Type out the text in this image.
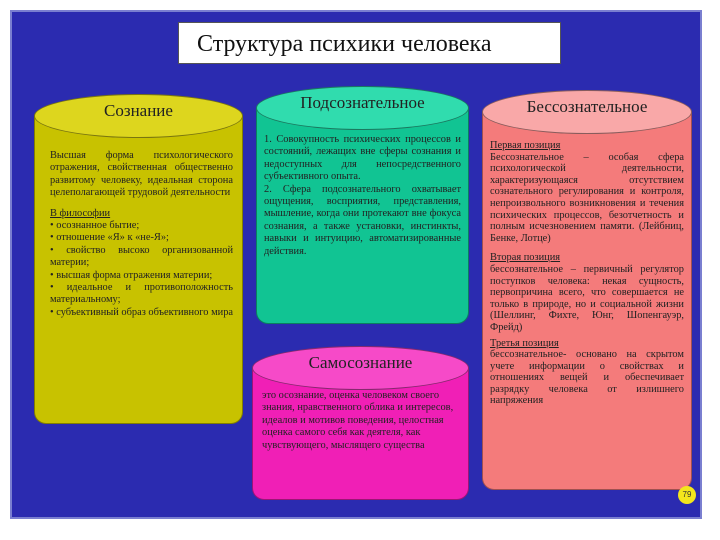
Структура психики человека
Сознание

Высшая форма психологического отражения, свойственная общественно развитому человеку, идеальная сторона целеполагающей трудовой деятельности

В философии

• осознанное бытие;

• отношение «Я» к «не-Я»;

• свойство высоко организованной материи;

• высшая форма отражения материи;

• идеальное и противоположность материальному;

• субъективный образ объективного мира

Подсознательное

1. Совокупность психических процессов и состояний, лежащих вне сферы сознания и недоступных для непосредственного субъективного опыта.

2. Сфера подсознательного охватывает ощущения, восприятия, представления, мышление, когда они протекают вне фокуса сознания, а также установки, инстинкты, навыки и интуицию, автоматизированные действия.

Самосознание

это осознание, оценка человеком своего знания, нравственного облика и интересов, идеалов и мотивов поведения, целостная оценка самого себя как деятеля, как чувствующего, мыслящего существа

Бессознательное

Первая позиция

Бессознательное – особая сфера психологической деятельности, характеризующаяся отсутствием сознательного регулирования и контроля, непроизвольного возникновения и течения психических процессов, безотчетность и полным исчезновением памяти. (Лейбниц, Бенке, Лотце)

Вторая позиция

бессознательное – первичный регулятор поступков человека: некая сущность, первопричина всего, что совершается не только в природе, но и социальной жизни (Шеллинг, Фихте, Юнг, Шопенгауэр, Фрейд)

Третья позиция

бессознательное- основано на скрытом учете информации о свойствах и отношениях вещей и обеспечивает разрядку человека от излишнего напряжения

79
